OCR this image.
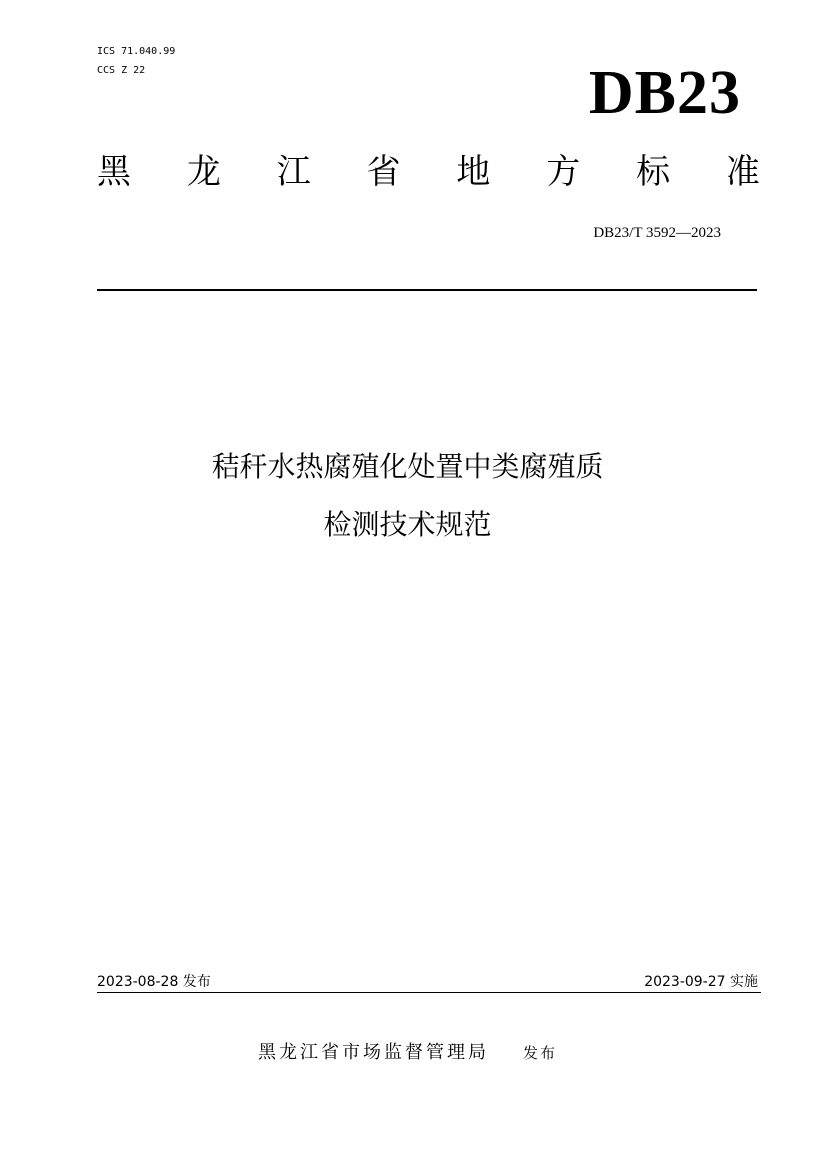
ICS 71.040.99
CCS Z 22	DB23
黑 龙 江 省 地 方 标 准
DB23/T 3592—2023
秸秆水热腐殖化处置中类腐殖质
检测技术规范
2023-08-28 发布	2023-09-27 实施
黑龙江省市场监督管理局 发布
